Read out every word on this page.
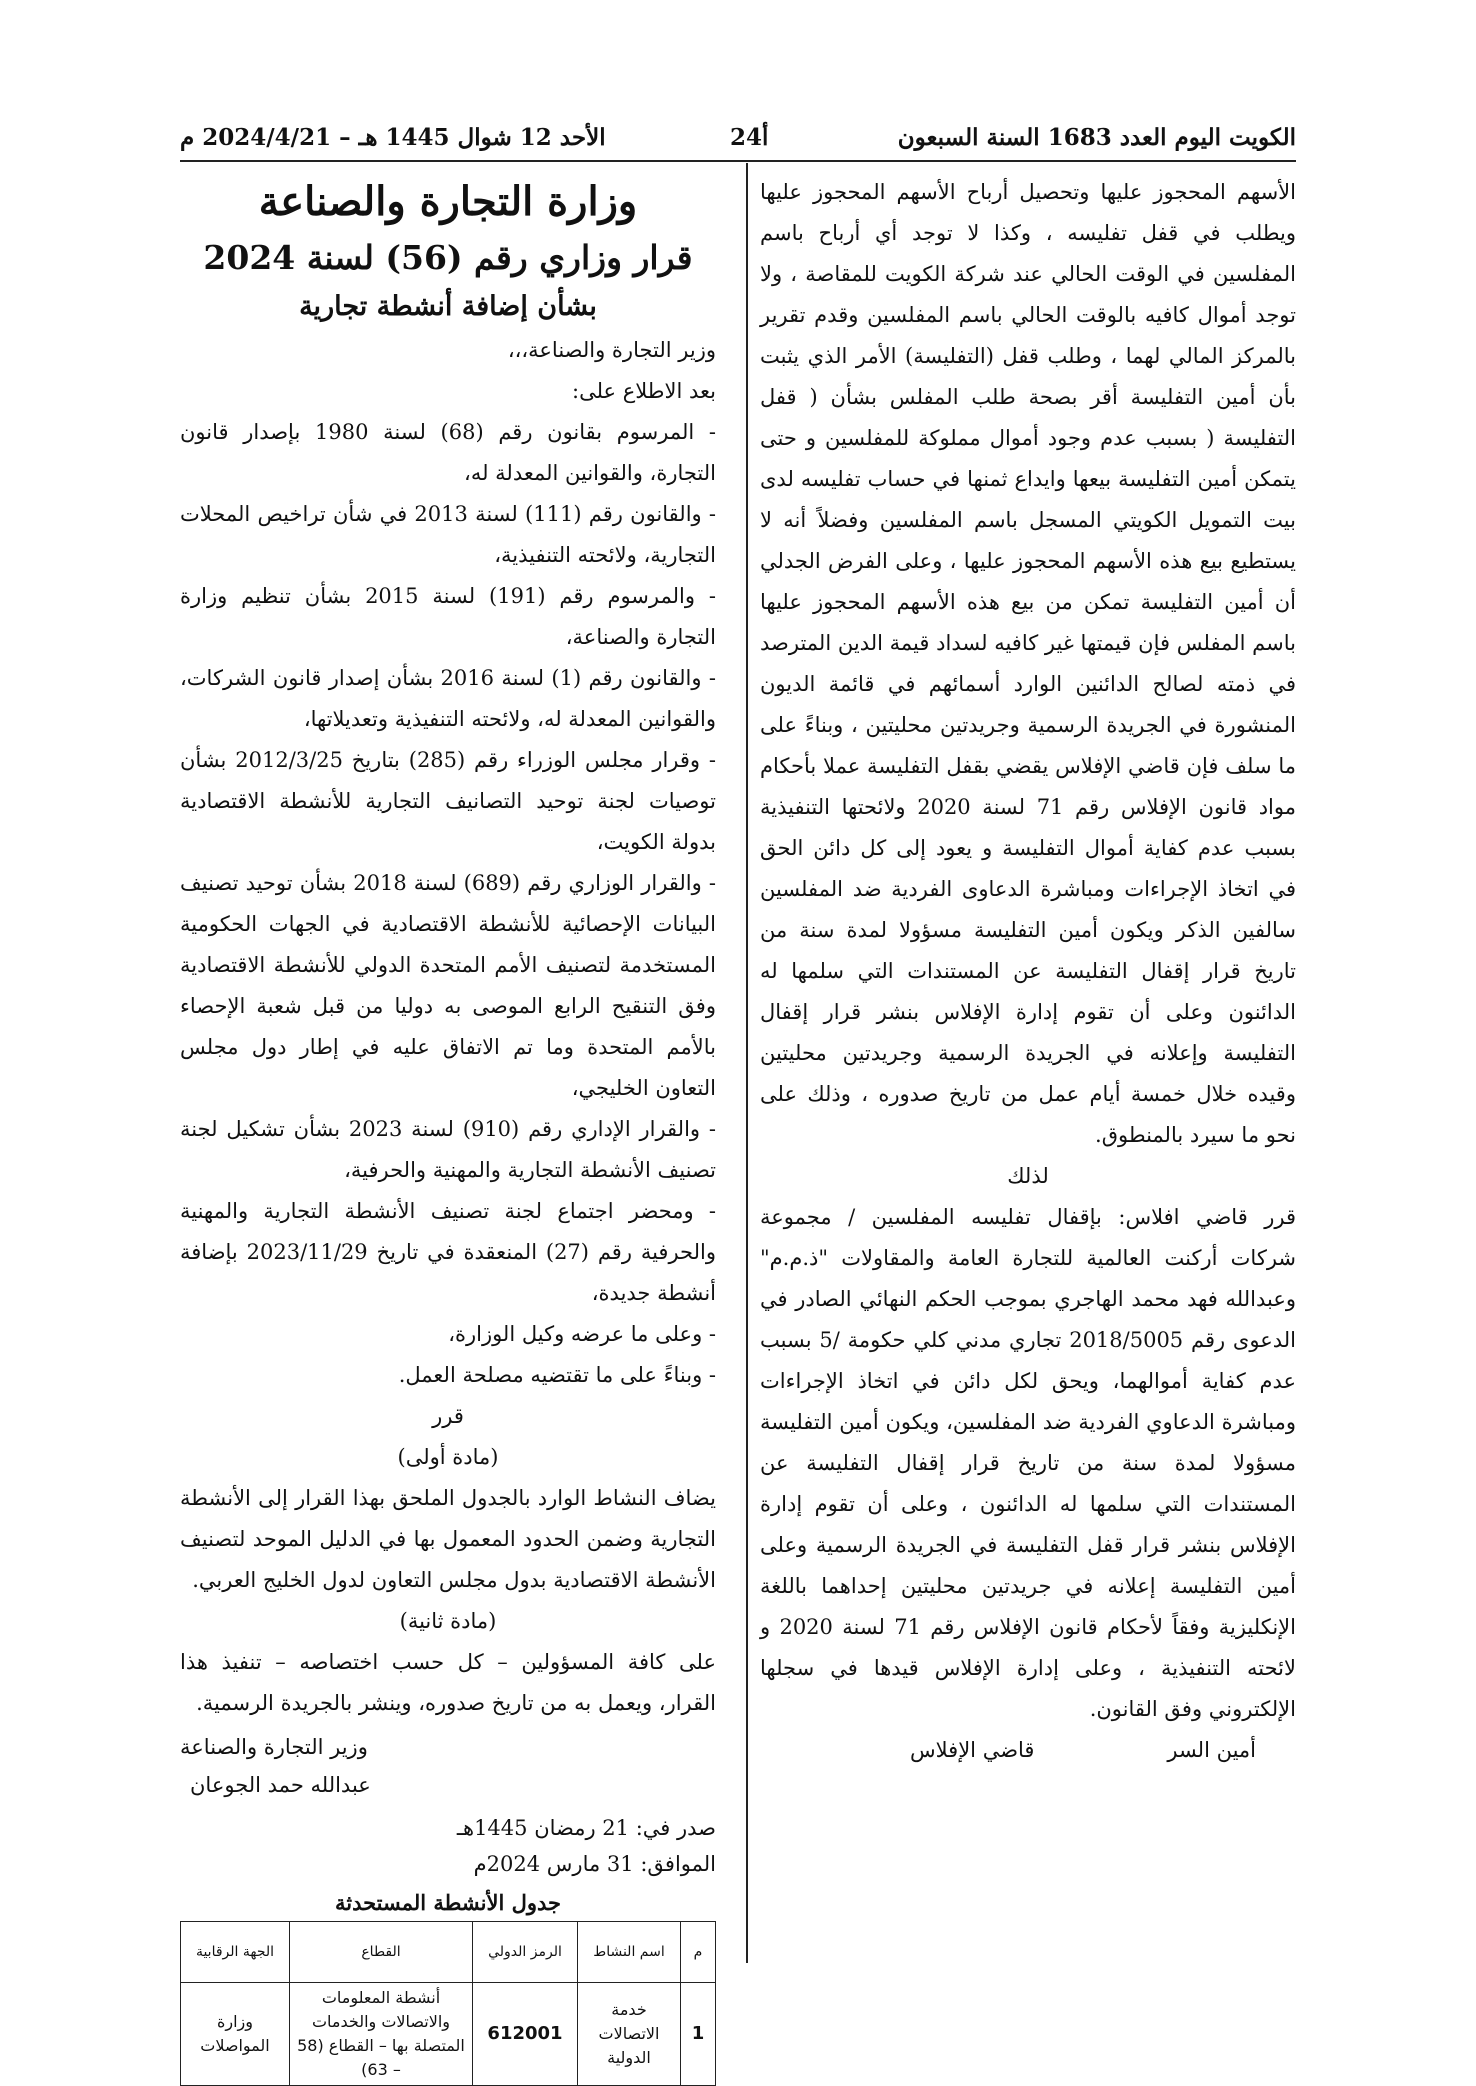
الأحد 12 شوال 1445 هـ – 2024/4/21 م	24أ	الكويت اليوم العدد 1683 السنة السبعون

الأسهم المحجوز عليها وتحصيل أرباح الأسهم المحجوز عليها ويطلب في قفل تفليسه ، وكذا لا توجد أي أرباح باسم المفلسين في الوقت الحالي عند شركة الكويت للمقاصة ، ولا توجد أموال كافيه بالوقت الحالي باسم المفلسين وقدم تقرير بالمركز المالي لهما ، وطلب قفل (التفليسة) الأمر الذي يثبت بأن أمين التفليسة أقر بصحة طلب المفلس بشأن ( قفل التفليسة ( بسبب عدم وجود أموال مملوكة للمفلسين و حتى يتمكن أمين التفليسة بيعها وايداع ثمنها في حساب تفليسه لدى بيت التمويل الكويتي المسجل باسم المفلسين وفضلاً أنه لا يستطيع بيع هذه الأسهم المحجوز عليها ، وعلى الفرض الجدلي أن أمين التفليسة تمكن من بيع هذه الأسهم المحجوز عليها باسم المفلس فإن قيمتها غير كافيه لسداد قيمة الدين المترصد في ذمته لصالح الدائنين الوارد أسمائهم في قائمة الديون المنشورة في الجريدة الرسمية وجريدتين محليتين ، وبناءً على ما سلف فإن قاضي الإفلاس يقضي بقفل التفليسة عملا بأحكام مواد قانون الإفلاس رقم 71 لسنة 2020 ولائحتها التنفيذية بسبب عدم كفاية أموال التفليسة و يعود إلى كل دائن الحق في اتخاذ الإجراءات ومباشرة الدعاوى الفردية ضد المفلسين سالفين الذكر ويكون أمين التفليسة مسؤولا لمدة سنة من تاريخ قرار إقفال التفليسة عن المستندات التي سلمها له الدائنون وعلى أن تقوم إدارة الإفلاس بنشر قرار إقفال التفليسة وإعلانه في الجريدة الرسمية وجريدتين محليتين وقيده خلال خمسة أيام عمل من تاريخ صدوره ، وذلك على نحو ما سيرد بالمنطوق.

لذلك

قرر قاضي افلاس: بإقفال تفليسه المفلسين / مجموعة شركات أركنت العالمية للتجارة العامة والمقاولات "ذ.م.م" وعبدالله فهد محمد الهاجري بموجب الحكم النهائي الصادر في الدعوى رقم 2018/5005 تجاري مدني كلي حكومة /5 بسبب عدم كفاية أموالهما، ويحق لكل دائن في اتخاذ الإجراءات ومباشرة الدعاوي الفردية ضد المفلسين، ويكون أمين التفليسة مسؤولا لمدة سنة من تاريخ قرار إقفال التفليسة عن المستندات التي سلمها له الدائنون ، وعلى أن تقوم إدارة الإفلاس بنشر قرار قفل التفليسة في الجريدة الرسمية وعلى أمين التفليسة إعلانه في جريدتين محليتين إحداهما باللغة الإنكليزية وفقاً لأحكام قانون الإفلاس رقم 71 لسنة 2020 و لائحته التنفيذية ، وعلى إدارة الإفلاس قيدها في سجلها الإلكتروني وفق القانون.

أمين السر

قاضي الإفلاس

وزارة التجارة والصناعة
قرار وزاري رقم (56) لسنة 2024
بشأن إضافة أنشطة تجارية

وزير التجارة والصناعة،،،

بعد الاطلاع على:

- المرسوم بقانون رقم (68) لسنة 1980 بإصدار قانون التجارة، والقوانين المعدلة له،

- والقانون رقم (111) لسنة 2013 في شأن تراخيص المحلات التجارية، ولائحته التنفيذية،

- والمرسوم رقم (191) لسنة 2015 بشأن تنظيم وزارة التجارة والصناعة،

- والقانون رقم (1) لسنة 2016 بشأن إصدار قانون الشركات، والقوانين المعدلة له، ولائحته التنفيذية وتعديلاتها،

- وقرار مجلس الوزراء رقم (285) بتاريخ 2012/3/25 بشأن توصيات لجنة توحيد التصانيف التجارية للأنشطة الاقتصادية بدولة الكويت،

- والقرار الوزاري رقم (689) لسنة 2018 بشأن توحيد تصنيف البيانات الإحصائية للأنشطة الاقتصادية في الجهات الحكومية المستخدمة لتصنيف الأمم المتحدة الدولي للأنشطة الاقتصادية وفق التنقيح الرابع الموصى به دوليا من قبل شعبة الإحصاء بالأمم المتحدة وما تم الاتفاق عليه في إطار دول مجلس التعاون الخليجي،

- والقرار الإداري رقم (910) لسنة 2023 بشأن تشكيل لجنة تصنيف الأنشطة التجارية والمهنية والحرفية،

- ومحضر اجتماع لجنة تصنيف الأنشطة التجارية والمهنية والحرفية رقم (27) المنعقدة في تاريخ 2023/11/29 بإضافة أنشطة جديدة،

- وعلى ما عرضه وكيل الوزارة،

- وبناءً على ما تقتضيه مصلحة العمل.

قرر

(مادة أولى)

يضاف النشاط الوارد بالجدول الملحق بهذا القرار إلى الأنشطة التجارية وضمن الحدود المعمول بها في الدليل الموحد لتصنيف الأنشطة الاقتصادية بدول مجلس التعاون لدول الخليج العربي.

(مادة ثانية)

على كافة المسؤولين – كل حسب اختصاصه – تنفيذ هذا القرار، ويعمل به من تاريخ صدوره، وينشر بالجريدة الرسمية.

وزير التجارة والصناعة

عبدالله حمد الجوعان

صدر في: 21 رمضان 1445هـ

الموافق: 31 مارس 2024م

جدول الأنشطة المستحدثة
م	اسم النشاط	الرمز الدولي	القطاع	الجهة الرقابية
1	خدمة الاتصالات الدولية	612001	أنشطة المعلومات والاتصالات والخدمات المتصلة بها – القطاع (58 – 63)	وزارة المواصلات
